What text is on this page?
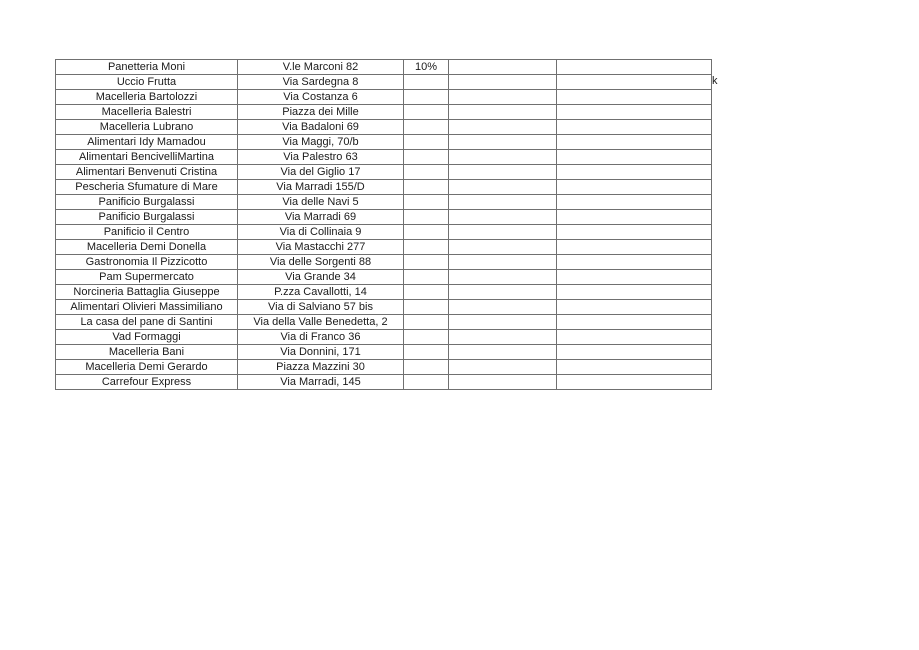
Panetteria Moni	V.le Marconi 82	10%		
Uccio Frutta	Via Sardegna 8			
Macelleria Bartolozzi	Via Costanza 6			
Macelleria Balestri	Piazza dei Mille			
Macelleria Lubrano	Via Badaloni 69			
Alimentari Idy Mamadou	Via Maggi, 70/b			
Alimentari BencivelliMartina	Via Palestro 63			
Alimentari Benvenuti Cristina	Via del Giglio 17			
Pescheria Sfumature di Mare	Via Marradi 155/D			
Panificio Burgalassi	Via delle Navi 5			
Panificio Burgalassi	Via Marradi 69			
Panificio il Centro	Via di Collinaia 9			
Macelleria Demi Donella	Via Mastacchi 277			
Gastronomia Il Pizzicotto	Via delle Sorgenti 88			
Pam Supermercato	Via Grande 34			
Norcineria Battaglia Giuseppe	P.zza Cavallotti, 14			
Alimentari Olivieri Massimiliano	Via di Salviano 57 bis			
La casa del pane di Santini	Via della Valle Benedetta, 2			
Vad Formaggi	Via di Franco 36			
Macelleria Bani	Via Donnini, 171			
Macelleria Demi Gerardo	Piazza Mazzini 30			
Carrefour Express	Via Marradi, 145			
k
